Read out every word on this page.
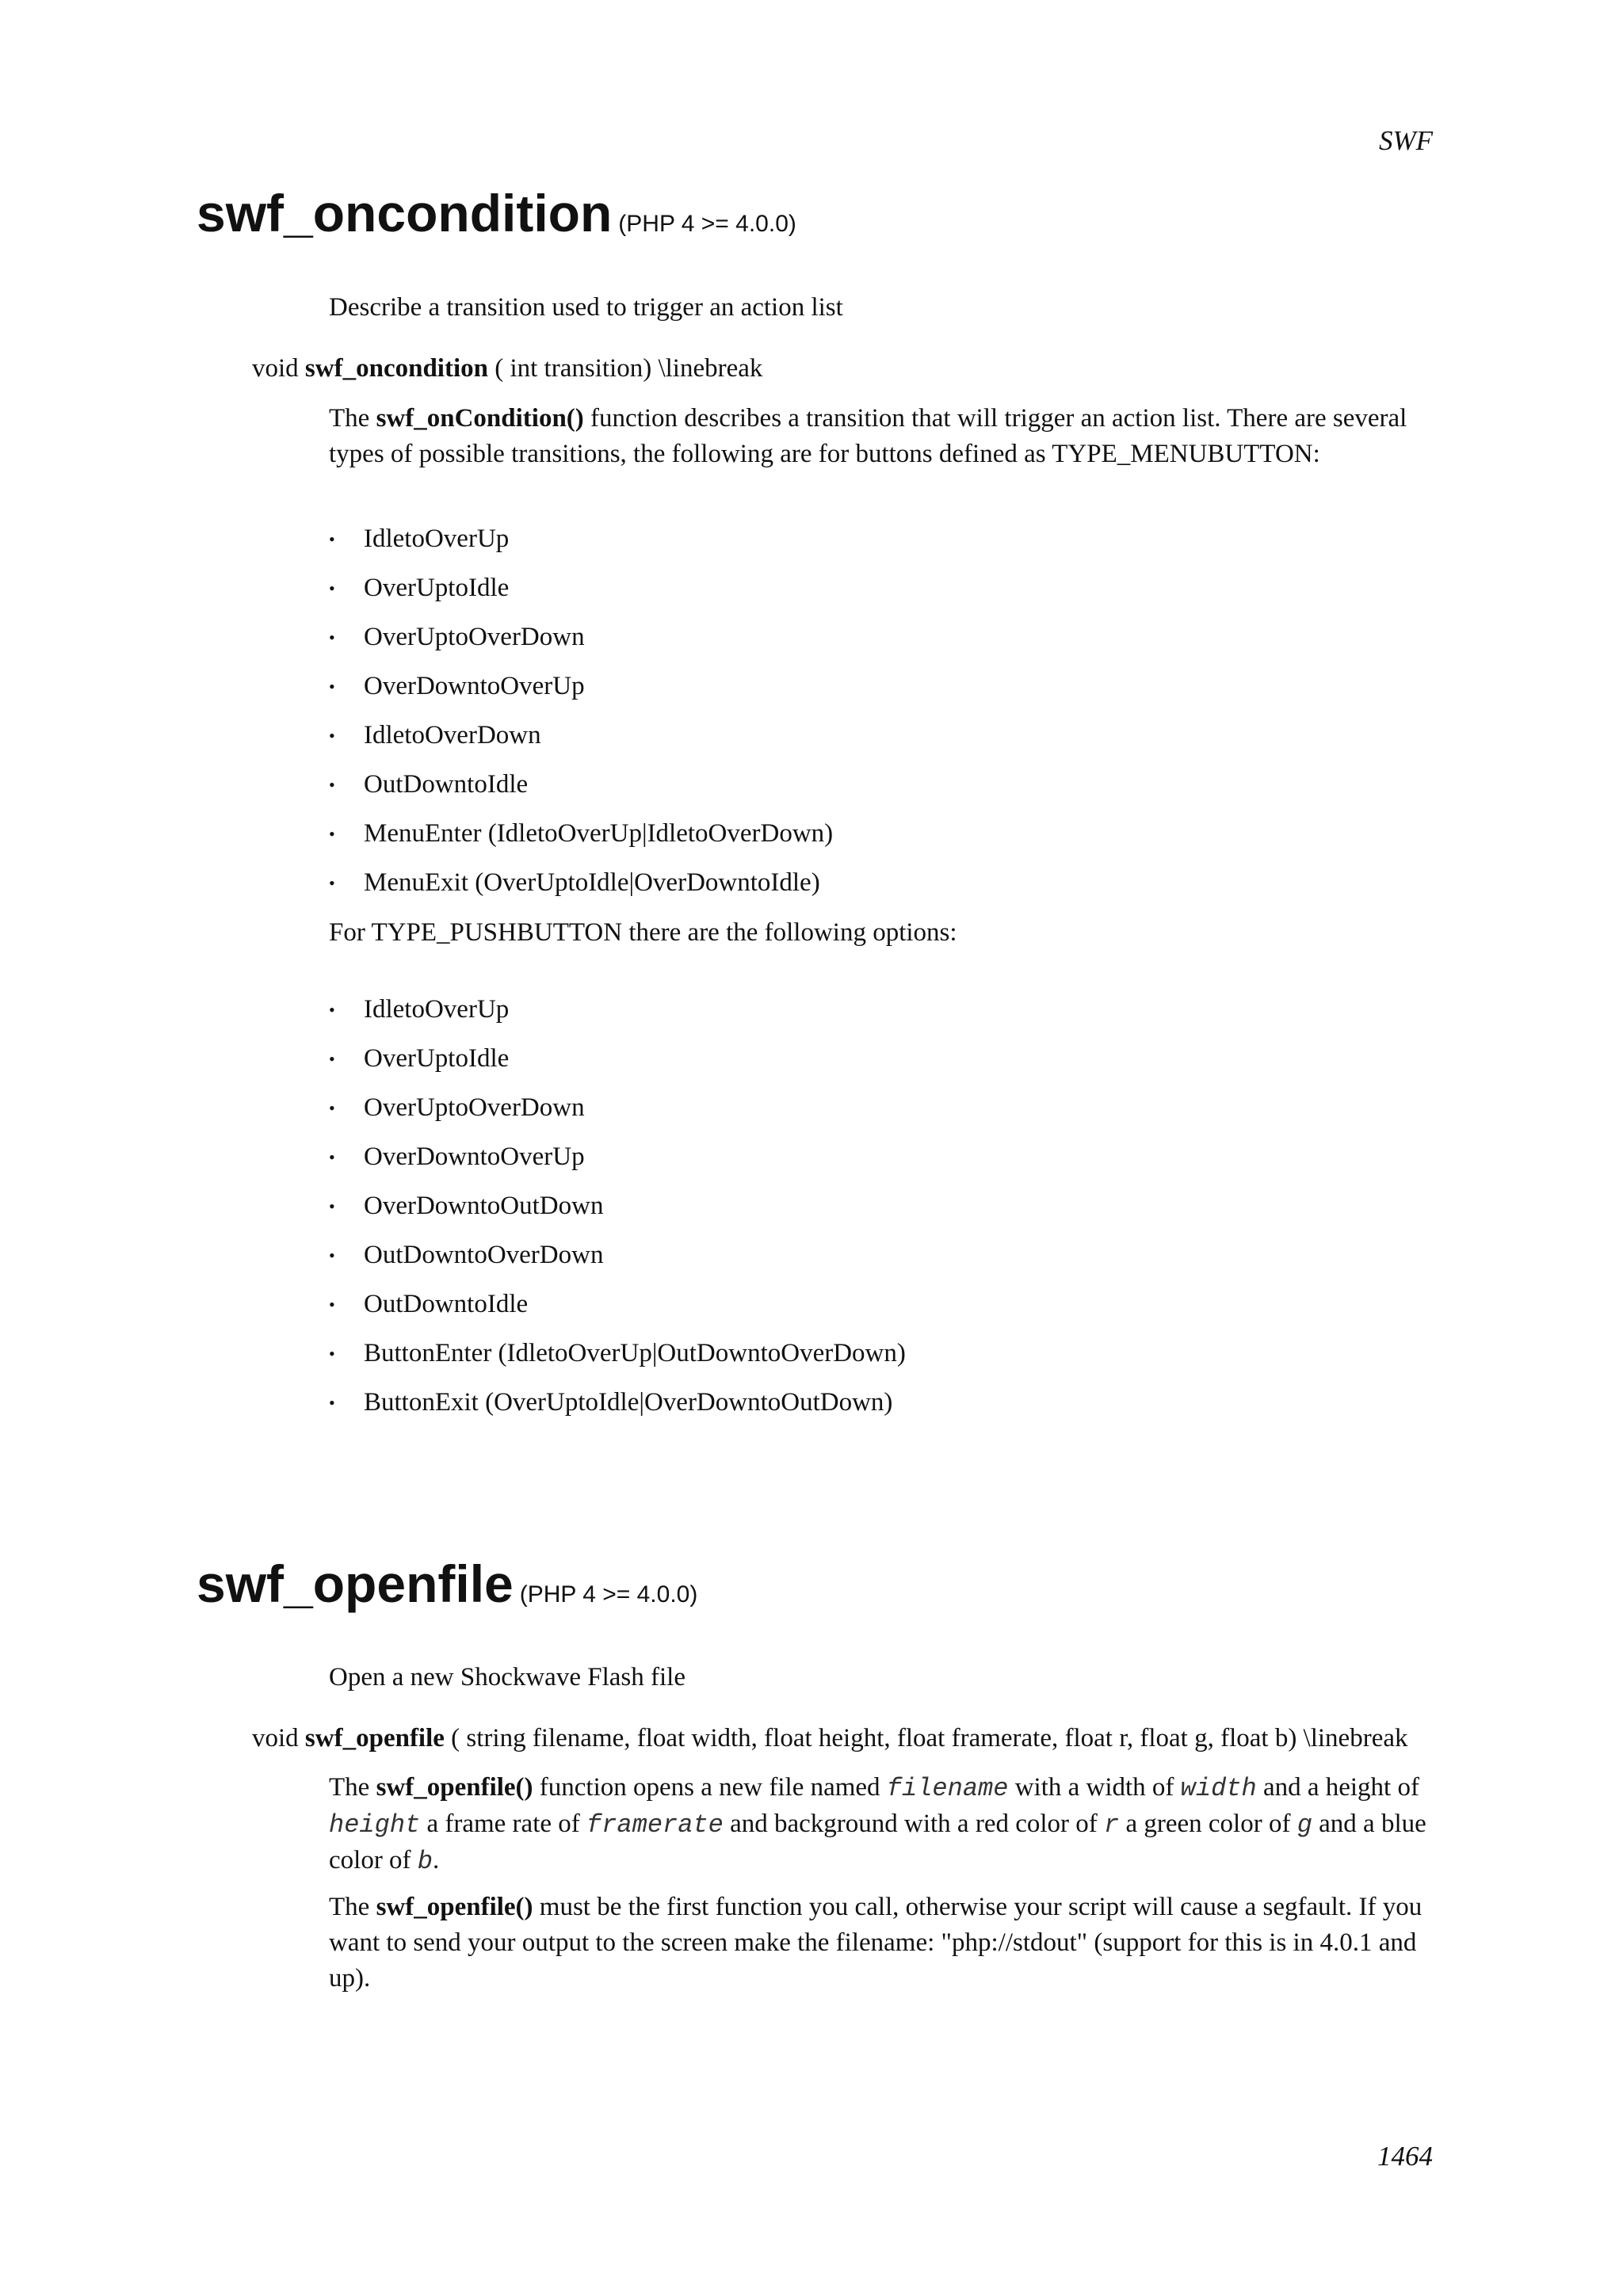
SWF
1464
swf_oncondition (PHP 4 >= 4.0.0)
Describe a transition used to trigger an action list
void swf_oncondition ( int transition) \linebreak

The swf_onCondition() function describes a transition that will trigger an action list. There are several types of possible transitions, the following are for buttons defined as TYPE_MENUBUTTON:

• IdletoOverUp
• OverUptoIdle
• OverUptoOverDown
• OverDowntoOverUp
• IdletoOverDown
• OutDowntoIdle
• MenuEnter (IdletoOverUp|IdletoOverDown)
• MenuExit (OverUptoIdle|OverDowntoIdle)
For TYPE_PUSHBUTTON there are the following options:
• IdletoOverUp
• OverUptoIdle
• OverUptoOverDown
• OverDowntoOverUp
• OverDowntoOutDown
• OutDowntoOverDown
• OutDowntoIdle
• ButtonEnter (IdletoOverUp|OutDowntoOverDown)
• ButtonExit (OverUptoIdle|OverDowntoOutDown)
swf_openfile (PHP 4 >= 4.0.0)
Open a new Shockwave Flash file
void swf_openfile ( string filename, float width, float height, float framerate, float r, float g, float b) \linebreak

The swf_openfile() function opens a new file named filename with a width of width and a height of height a frame rate of framerate and background with a red color of r a green color of g and a blue color of b.

The swf_openfile() must be the first function you call, otherwise your script will cause a segfault. If you want to send your output to the screen make the filename: "php://stdout" (support for this is in 4.0.1 and up).
